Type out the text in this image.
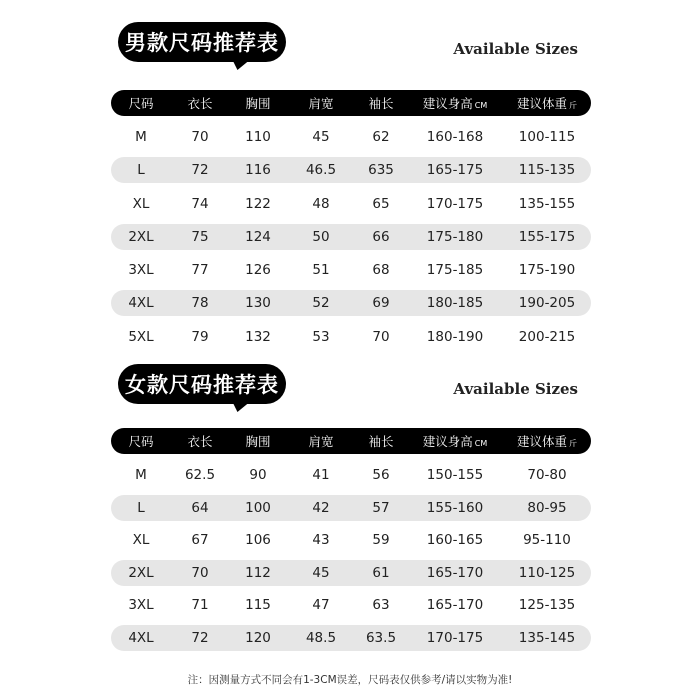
男款尺码推荐表	Available Sizes
尺码	衣长	胸围	肩宽	袖长	建议身高 CM	建议体重 斤
M	70	110	45	62	160-168	100-115
L	72	116	46.5	635	165-175	115-135
XL	74	122	48	65	170-175	135-155
2XL	75	124	50	66	175-180	155-175
3XL	77	126	51	68	175-185	175-190
4XL	78	130	52	69	180-185	190-205
5XL	79	132	53	70	180-190	200-215
女款尺码推荐表	Available Sizes
尺码	衣长	胸围	肩宽	袖长	建议身高 CM	建议体重 斤
M	62.5	90	41	56	150-155	70-80
L	64	100	42	57	155-160	80-95
XL	67	106	43	59	160-165	95-110
2XL	70	112	45	61	165-170	110-125
3XL	71	115	47	63	165-170	125-135
4XL	72	120	48.5	63.5	170-175	135-145
注：因测量方式不同会有1-3CM误差，尺码表仅供参考/请以实物为准!
